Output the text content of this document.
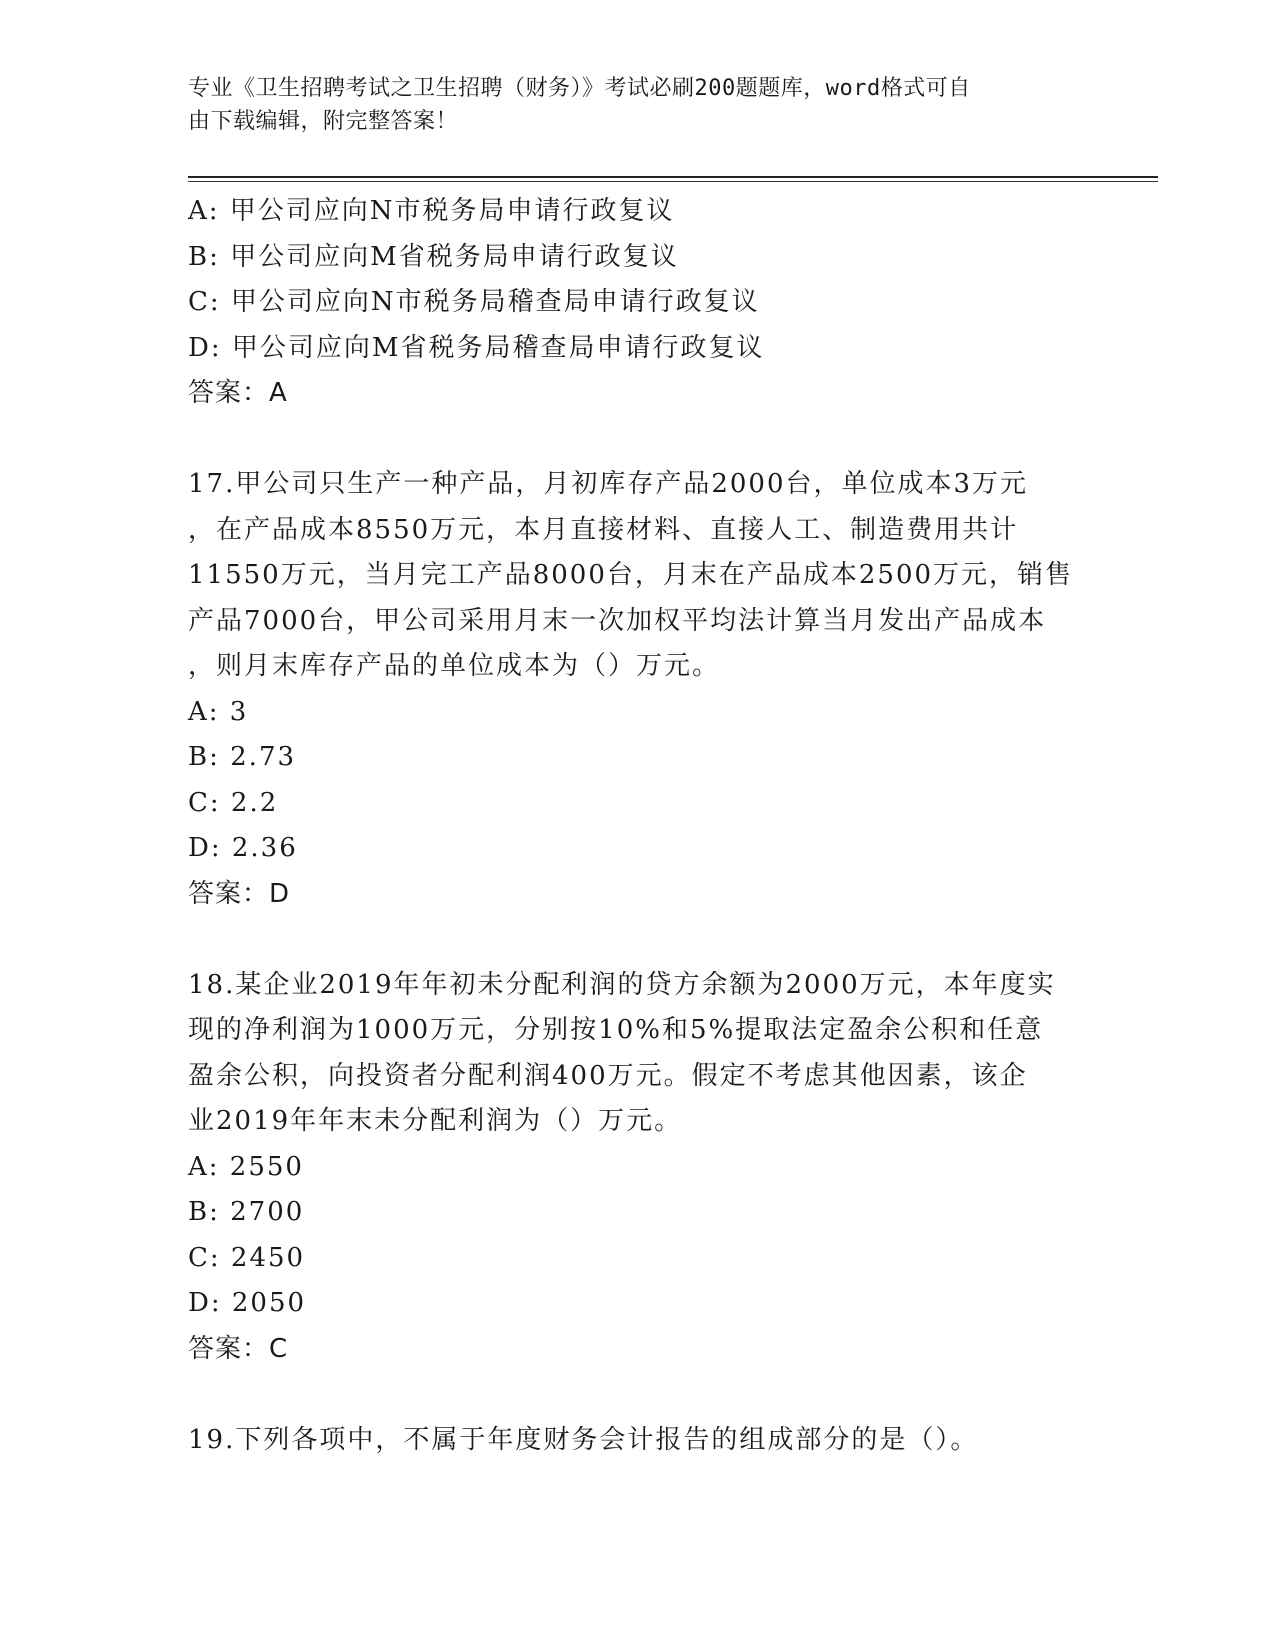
专业《卫生招聘考试之卫生招聘（财务）》考试必刷200题题库，word格式可自
由下载编辑，附完整答案！
A: 甲公司应向N市税务局申请行政复议
B: 甲公司应向M省税务局申请行政复议
C: 甲公司应向N市税务局稽查局申请行政复议
D: 甲公司应向M省税务局稽查局申请行政复议
答案：A
17.甲公司只生产一种产品，月初库存产品2000台，单位成本3万元
，在产品成本8550万元，本月直接材料、直接人工、制造费用共计
11550万元，当月完工产品8000台，月末在产品成本2500万元，销售
产品7000台，甲公司采用月末一次加权平均法计算当月发出产品成本
，则月末库存产品的单位成本为（）万元。
A: 3
B: 2.73
C: 2.2
D: 2.36
答案：D
18.某企业2019年年初未分配利润的贷方余额为2000万元，本年度实
现的净利润为1000万元，分别按10%和5%提取法定盈余公积和任意
盈余公积，向投资者分配利润400万元。假定不考虑其他因素，该企
业2019年年末未分配利润为（）万元。
A: 2550
B: 2700
C: 2450
D: 2050
答案：C
19.下列各项中，不属于年度财务会计报告的组成部分的是（）。
